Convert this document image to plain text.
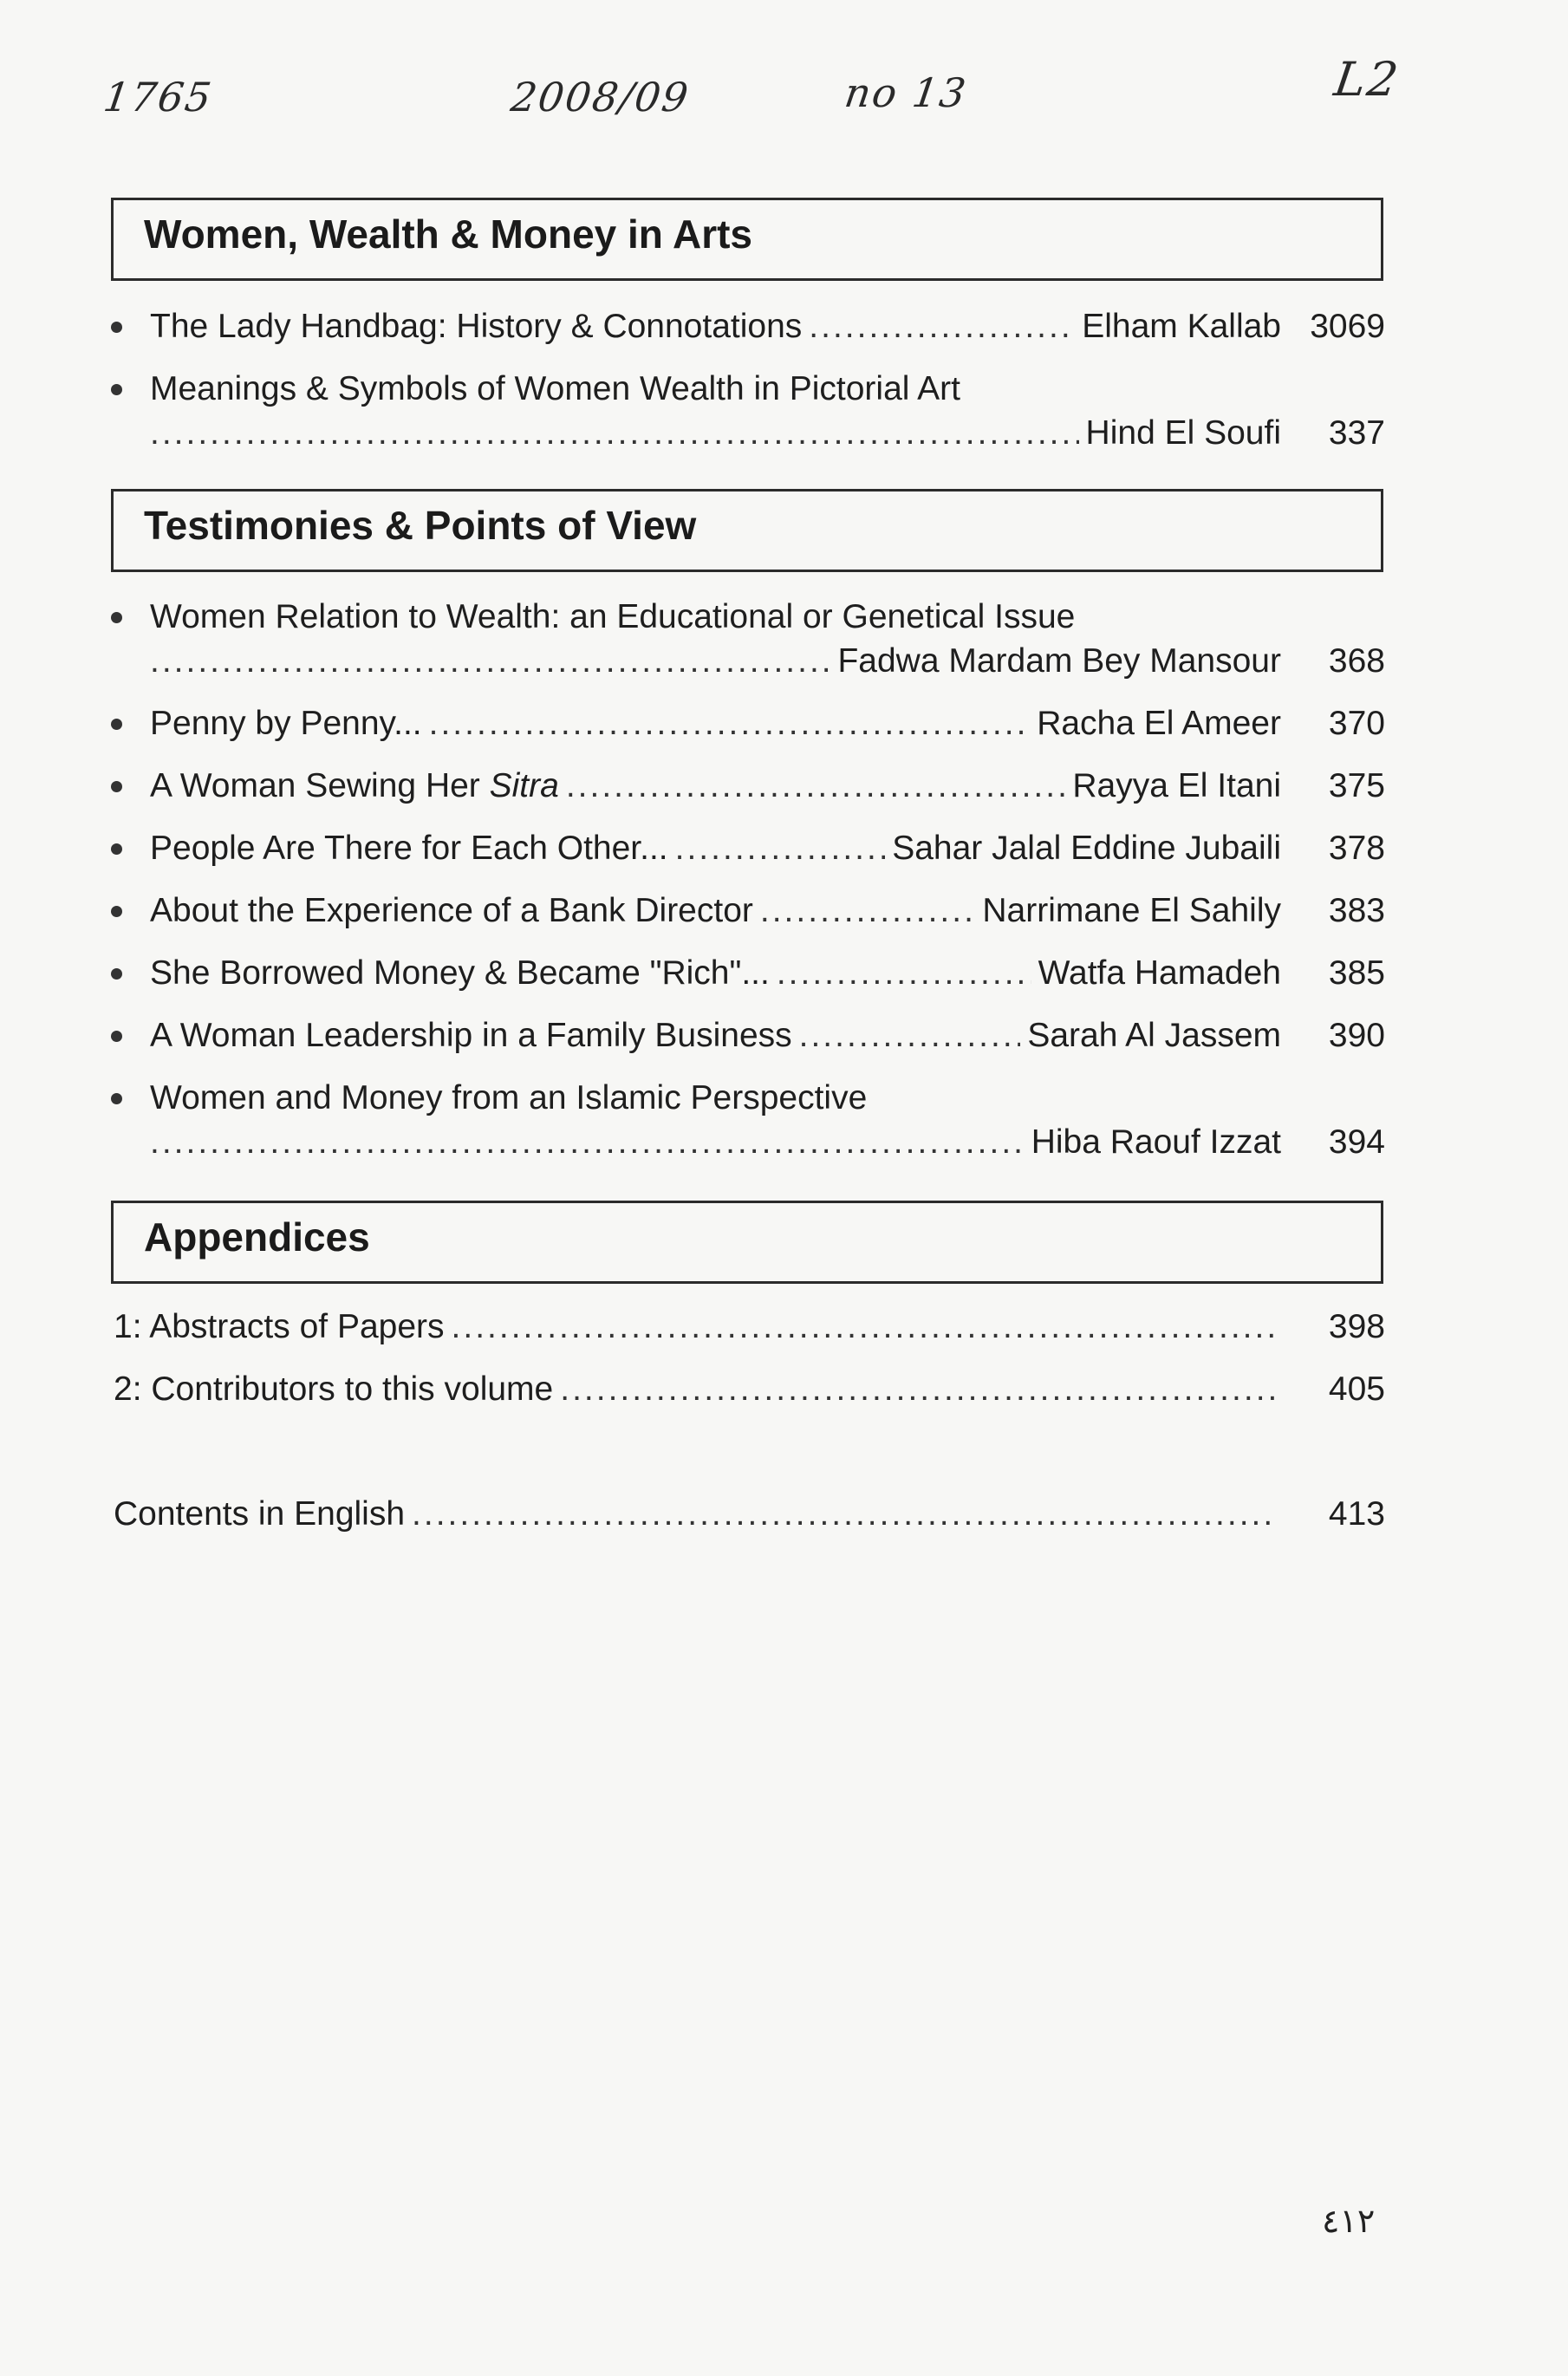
1765	2008/09	no 13	L2
Women, Wealth & Money in Arts
The Lady Handbag: History & Connotations .....	Elham Kallab 3069
Meanings & Symbols of Women Wealth in Pictorial Art
.....
Hind El Soufi	337
Testimonies & Points of View
Women Relation to Wealth: an Educational or Genetical Issue
.....
Fadwa Mardam Bey Mansour	368
Penny by Penny... .....	Racha El Ameer	370
A Woman Sewing Her Sitra .....	Rayya El Itani	375
People Are There for Each Other... .....	Sahar Jalal Eddine Jubaili	378
About the Experience of a Bank Director .....	Narrimane El Sahily	383
She Borrowed Money & Became "Rich"... .....	Watfa Hamadeh	385
A Woman Leadership in a Family Business .....	Sarah Al Jassem	390
Women and Money from an Islamic Perspective
.....
Hiba Raouf Izzat	394
Appendices
1: Abstracts of Papers .....	398
2: Contributors to this volume .....	405
Contents in English .....	413
٤١٢
